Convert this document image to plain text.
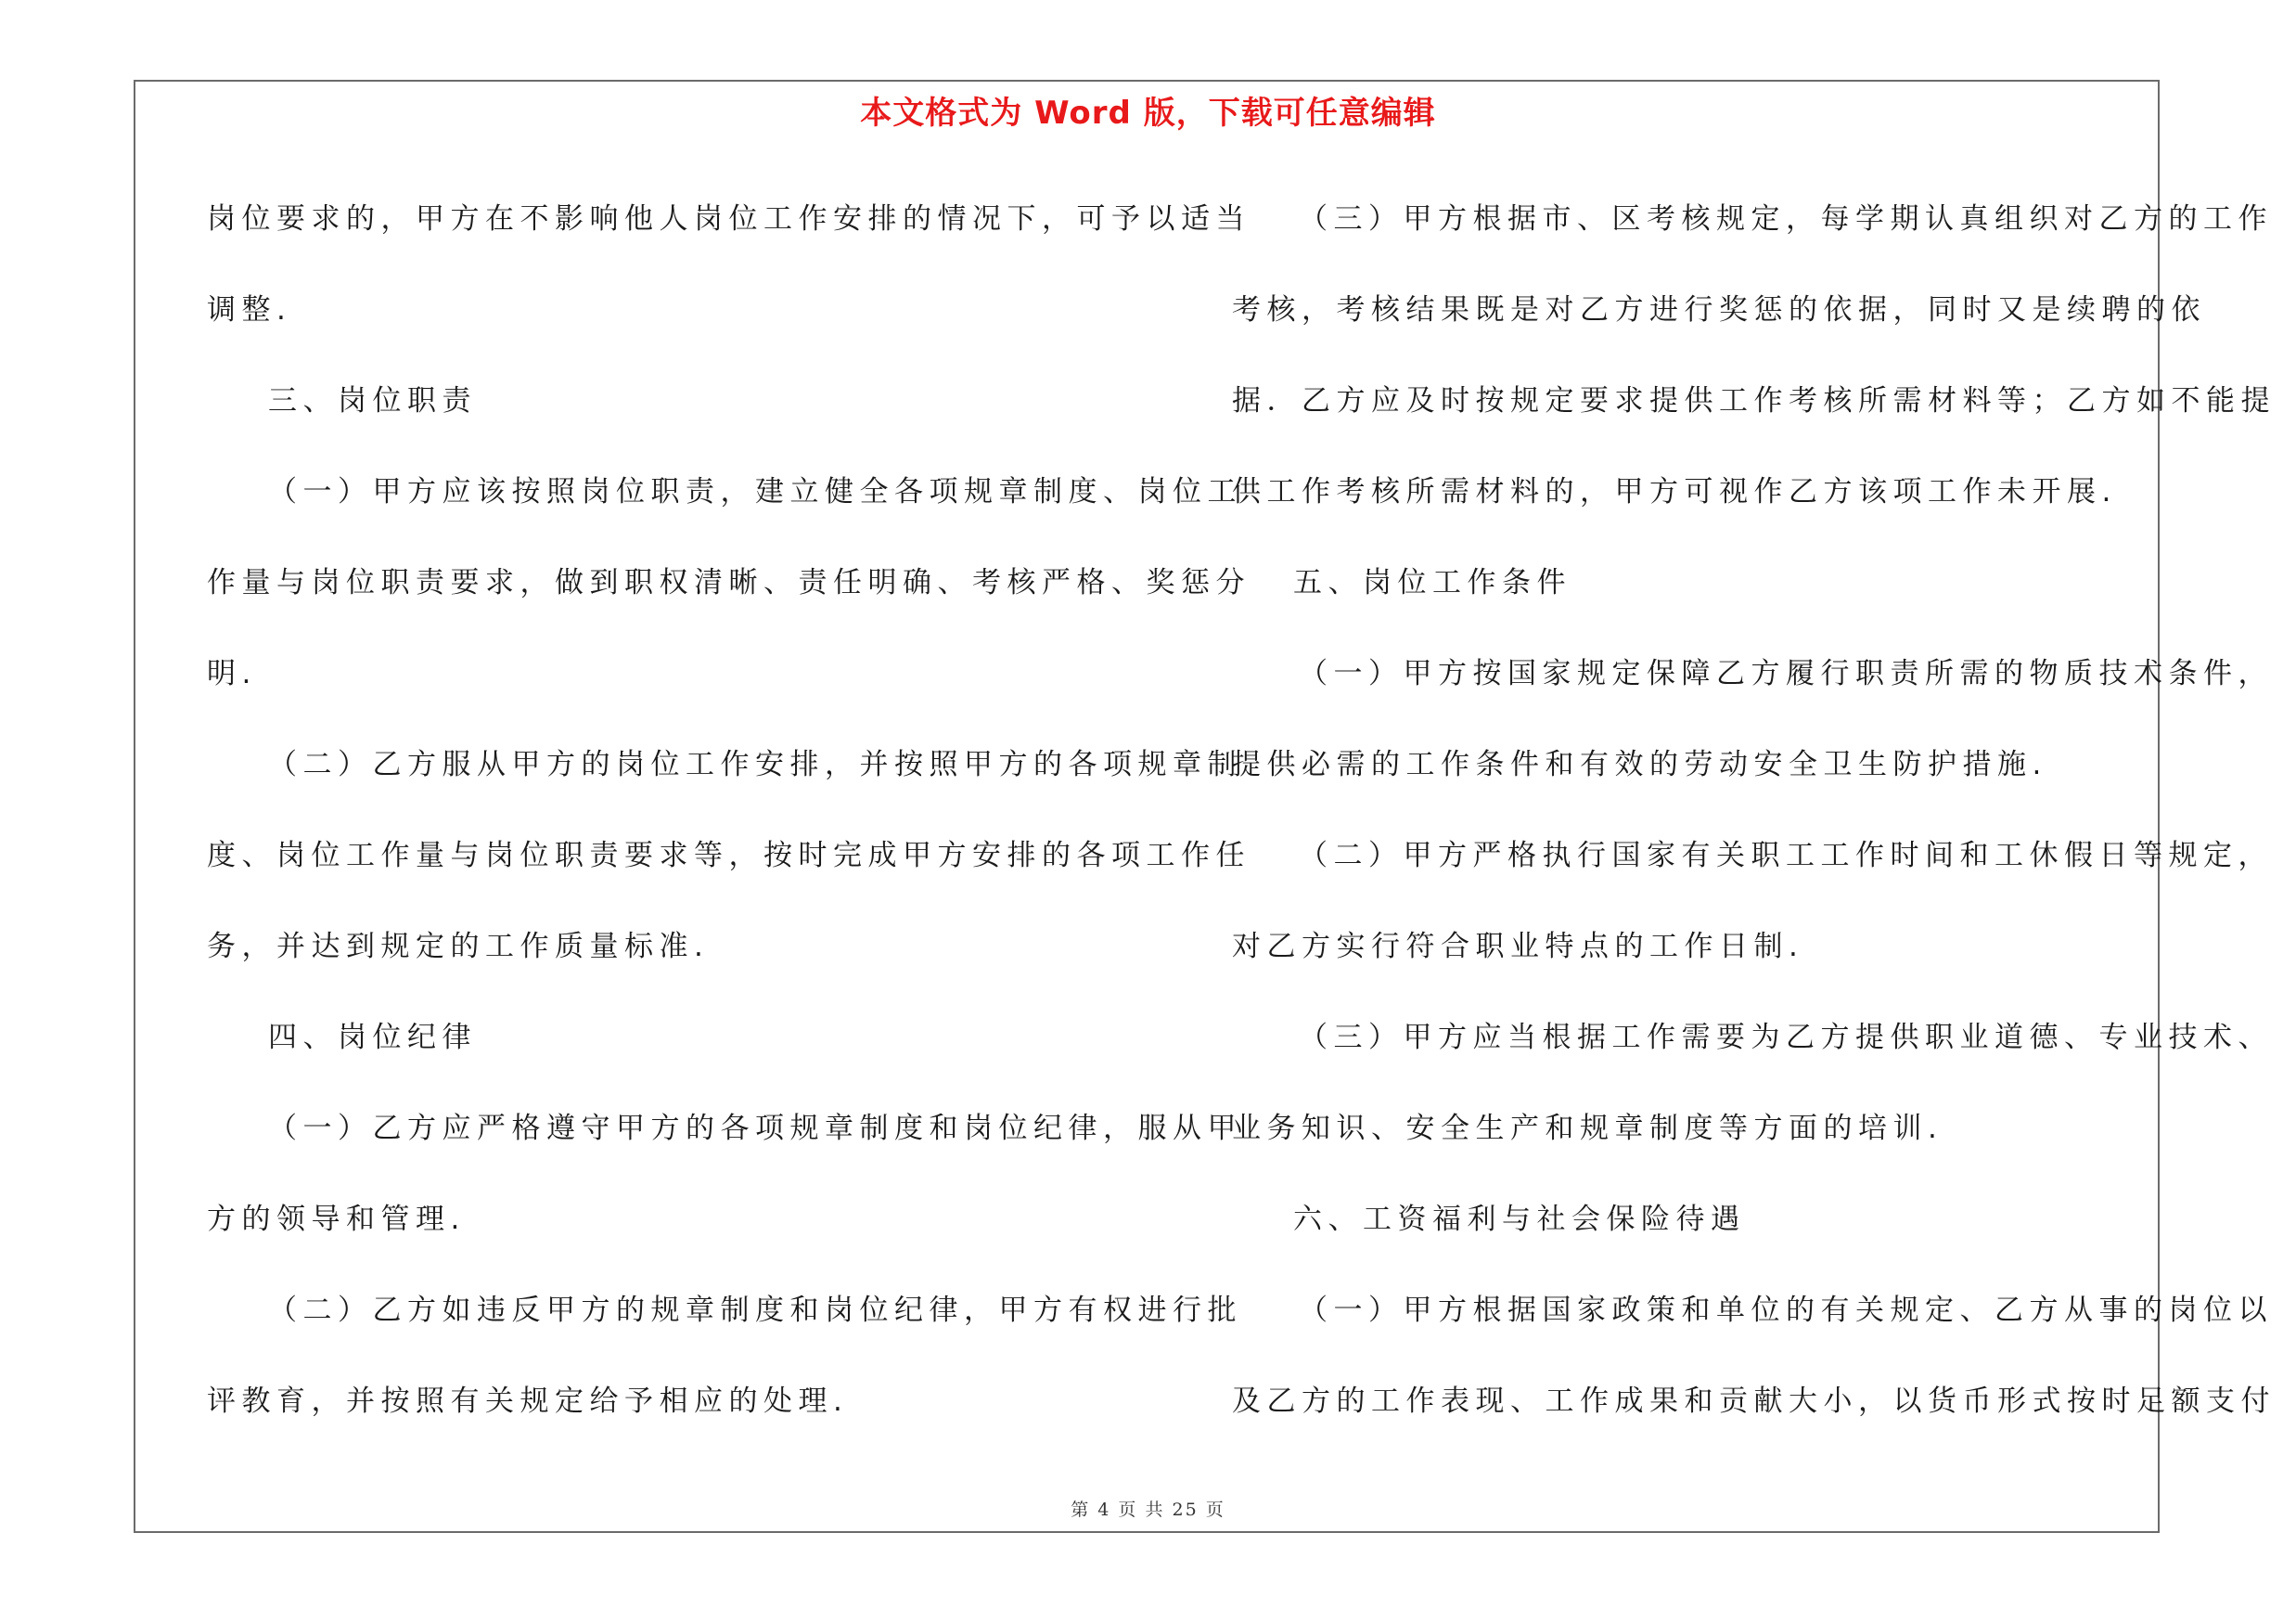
本文格式为 Word 版，下载可任意编辑
岗位要求的，甲方在不影响他人岗位工作安排的情况下，可予以适当
调整.
三、岗位职责
（一）甲方应该按照岗位职责，建立健全各项规章制度、岗位工
作量与岗位职责要求，做到职权清晰、责任明确、考核严格、奖惩分
明.
（二）乙方服从甲方的岗位工作安排，并按照甲方的各项规章制
度、岗位工作量与岗位职责要求等，按时完成甲方安排的各项工作任
务，并达到规定的工作质量标准.
四、岗位纪律
（一）乙方应严格遵守甲方的各项规章制度和岗位纪律，服从甲
方的领导和管理.
（二）乙方如违反甲方的规章制度和岗位纪律，甲方有权进行批
评教育，并按照有关规定给予相应的处理.
（三）甲方根据市、区考核规定，每学期认真组织对乙方的工作
考核，考核结果既是对乙方进行奖惩的依据，同时又是续聘的依
据．乙方应及时按规定要求提供工作考核所需材料等；乙方如不能提
供工作考核所需材料的，甲方可视作乙方该项工作未开展.
五、岗位工作条件
（一）甲方按国家规定保障乙方履行职责所需的物质技术条件，
提供必需的工作条件和有效的劳动安全卫生防护措施.
（二）甲方严格执行国家有关职工工作时间和工休假日等规定，
对乙方实行符合职业特点的工作日制.
（三）甲方应当根据工作需要为乙方提供职业道德、专业技术、
业务知识、安全生产和规章制度等方面的培训.
六、工资福利与社会保险待遇
（一）甲方根据国家政策和单位的有关规定、乙方从事的岗位以
及乙方的工作表现、工作成果和贡献大小，以货币形式按时足额支付
第 4 页 共 25 页
